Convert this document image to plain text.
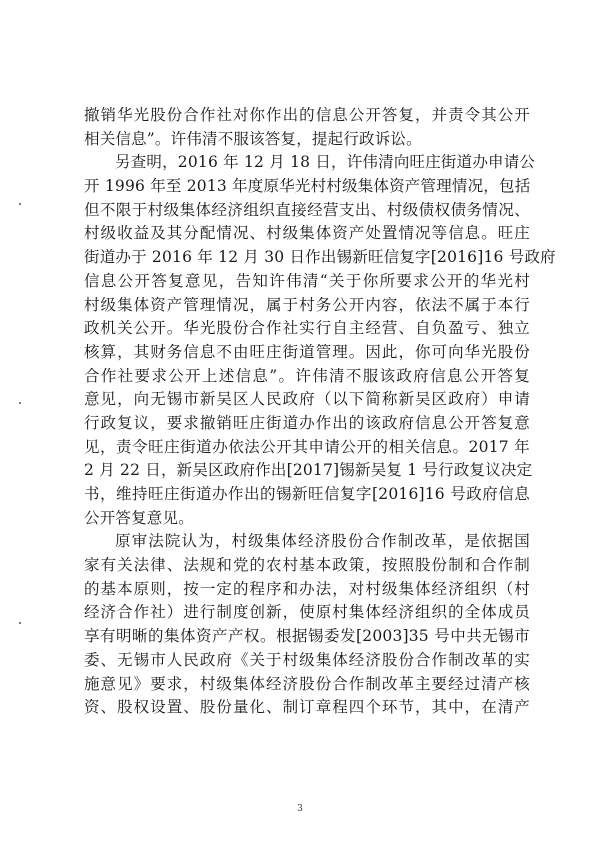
撤销华光股份合作社对你作出的信息公开答复，并责令其公开
相关信息”。许伟清不服该答复，提起行政诉讼。
另查明，2016 年 12 月 18 日，许伟清向旺庄街道办申请公
开 1996 年至 2013 年度原华光村村级集体资产管理情况，包括
但不限于村级集体经济组织直接经营支出、村级债权债务情况、
村级收益及其分配情况、村级集体资产处置情况等信息。旺庄
街道办于 2016 年 12 月 30 日作出锡新旺信复字[2016]16 号政府
信息公开答复意见，告知许伟清“关于你所要求公开的华光村
村级集体资产管理情况，属于村务公开内容，依法不属于本行
政机关公开。华光股份合作社实行自主经营、自负盈亏、独立
核算，其财务信息不由旺庄街道管理。因此，你可向华光股份
合作社要求公开上述信息”。许伟清不服该政府信息公开答复
意见，向无锡市新吴区人民政府（以下简称新吴区政府）申请
行政复议，要求撤销旺庄街道办作出的该政府信息公开答复意
见，责令旺庄街道办依法公开其申请公开的相关信息。2017 年
2 月 22 日，新吴区政府作出[2017]锡新吴复 1 号行政复议决定
书，维持旺庄街道办作出的锡新旺信复字[2016]16 号政府信息
公开答复意见。
原审法院认为，村级集体经济股份合作制改革，是依据国
家有关法律、法规和党的农村基本政策，按照股份制和合作制
的基本原则，按一定的程序和办法，对村级集体经济组织（村
经济合作社）进行制度创新，使原村集体经济组织的全体成员
享有明晰的集体资产产权。根据锡委发[2003]35 号中共无锡市
委、无锡市人民政府《关于村级集体经济股份合作制改革的实
施意见》要求，村级集体经济股份合作制改革主要经过清产核
资、股权设置、股份量化、制订章程四个环节，其中，在清产
3
